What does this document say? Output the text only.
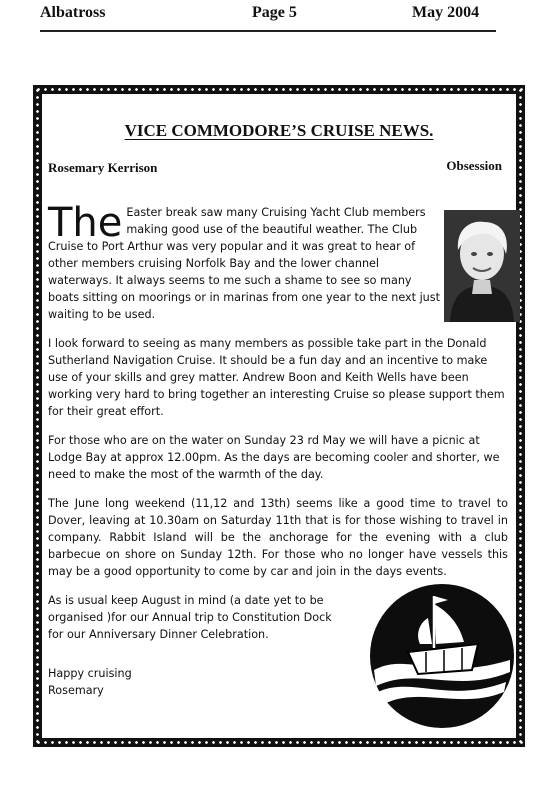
Albatross	Page 5	May 2004
VICE COMMODORE’S CRUISE NEWS.
Rosemary Kerrison	Obsession

The Easter break saw many Cruising Yacht Club members making good use of the beautiful weather. The Club Cruise to Port Arthur was very popular and it was great to hear of other members cruising Norfolk Bay and the lower channel waterways. It always seems to me such a shame to see so many boats sitting on moorings or in marinas from one year to the next just waiting to be used.

I look forward to seeing as many members as possible take part in the Donald Sutherland Navigation Cruise. It should be a fun day and an incentive to make use of your skills and grey matter. Andrew Boon and Keith Wells have been working very hard to bring together an interesting Cruise so please support them for their great effort.

For those who are on the water on Sunday 23 rd May we will have a picnic at Lodge Bay at approx 12.00pm. As the days are becoming cooler and shorter, we need to make the most of the warmth of the day.

The June long weekend (11,12 and 13th) seems like a good time to travel to Dover, leaving at 10.30am on Saturday 11th that is for those wishing to travel in company. Rabbit Island will be the anchorage for the evening with a club barbecue on shore on Sunday 12th. For those who no longer have vessels this may be a good opportunity to come by car and join in the days events.

As is usual keep August in mind (a date yet to be organised )for our Annual trip to Constitution Dock for our Anniversary Dinner Celebration.

Happy cruising

Rosemary
